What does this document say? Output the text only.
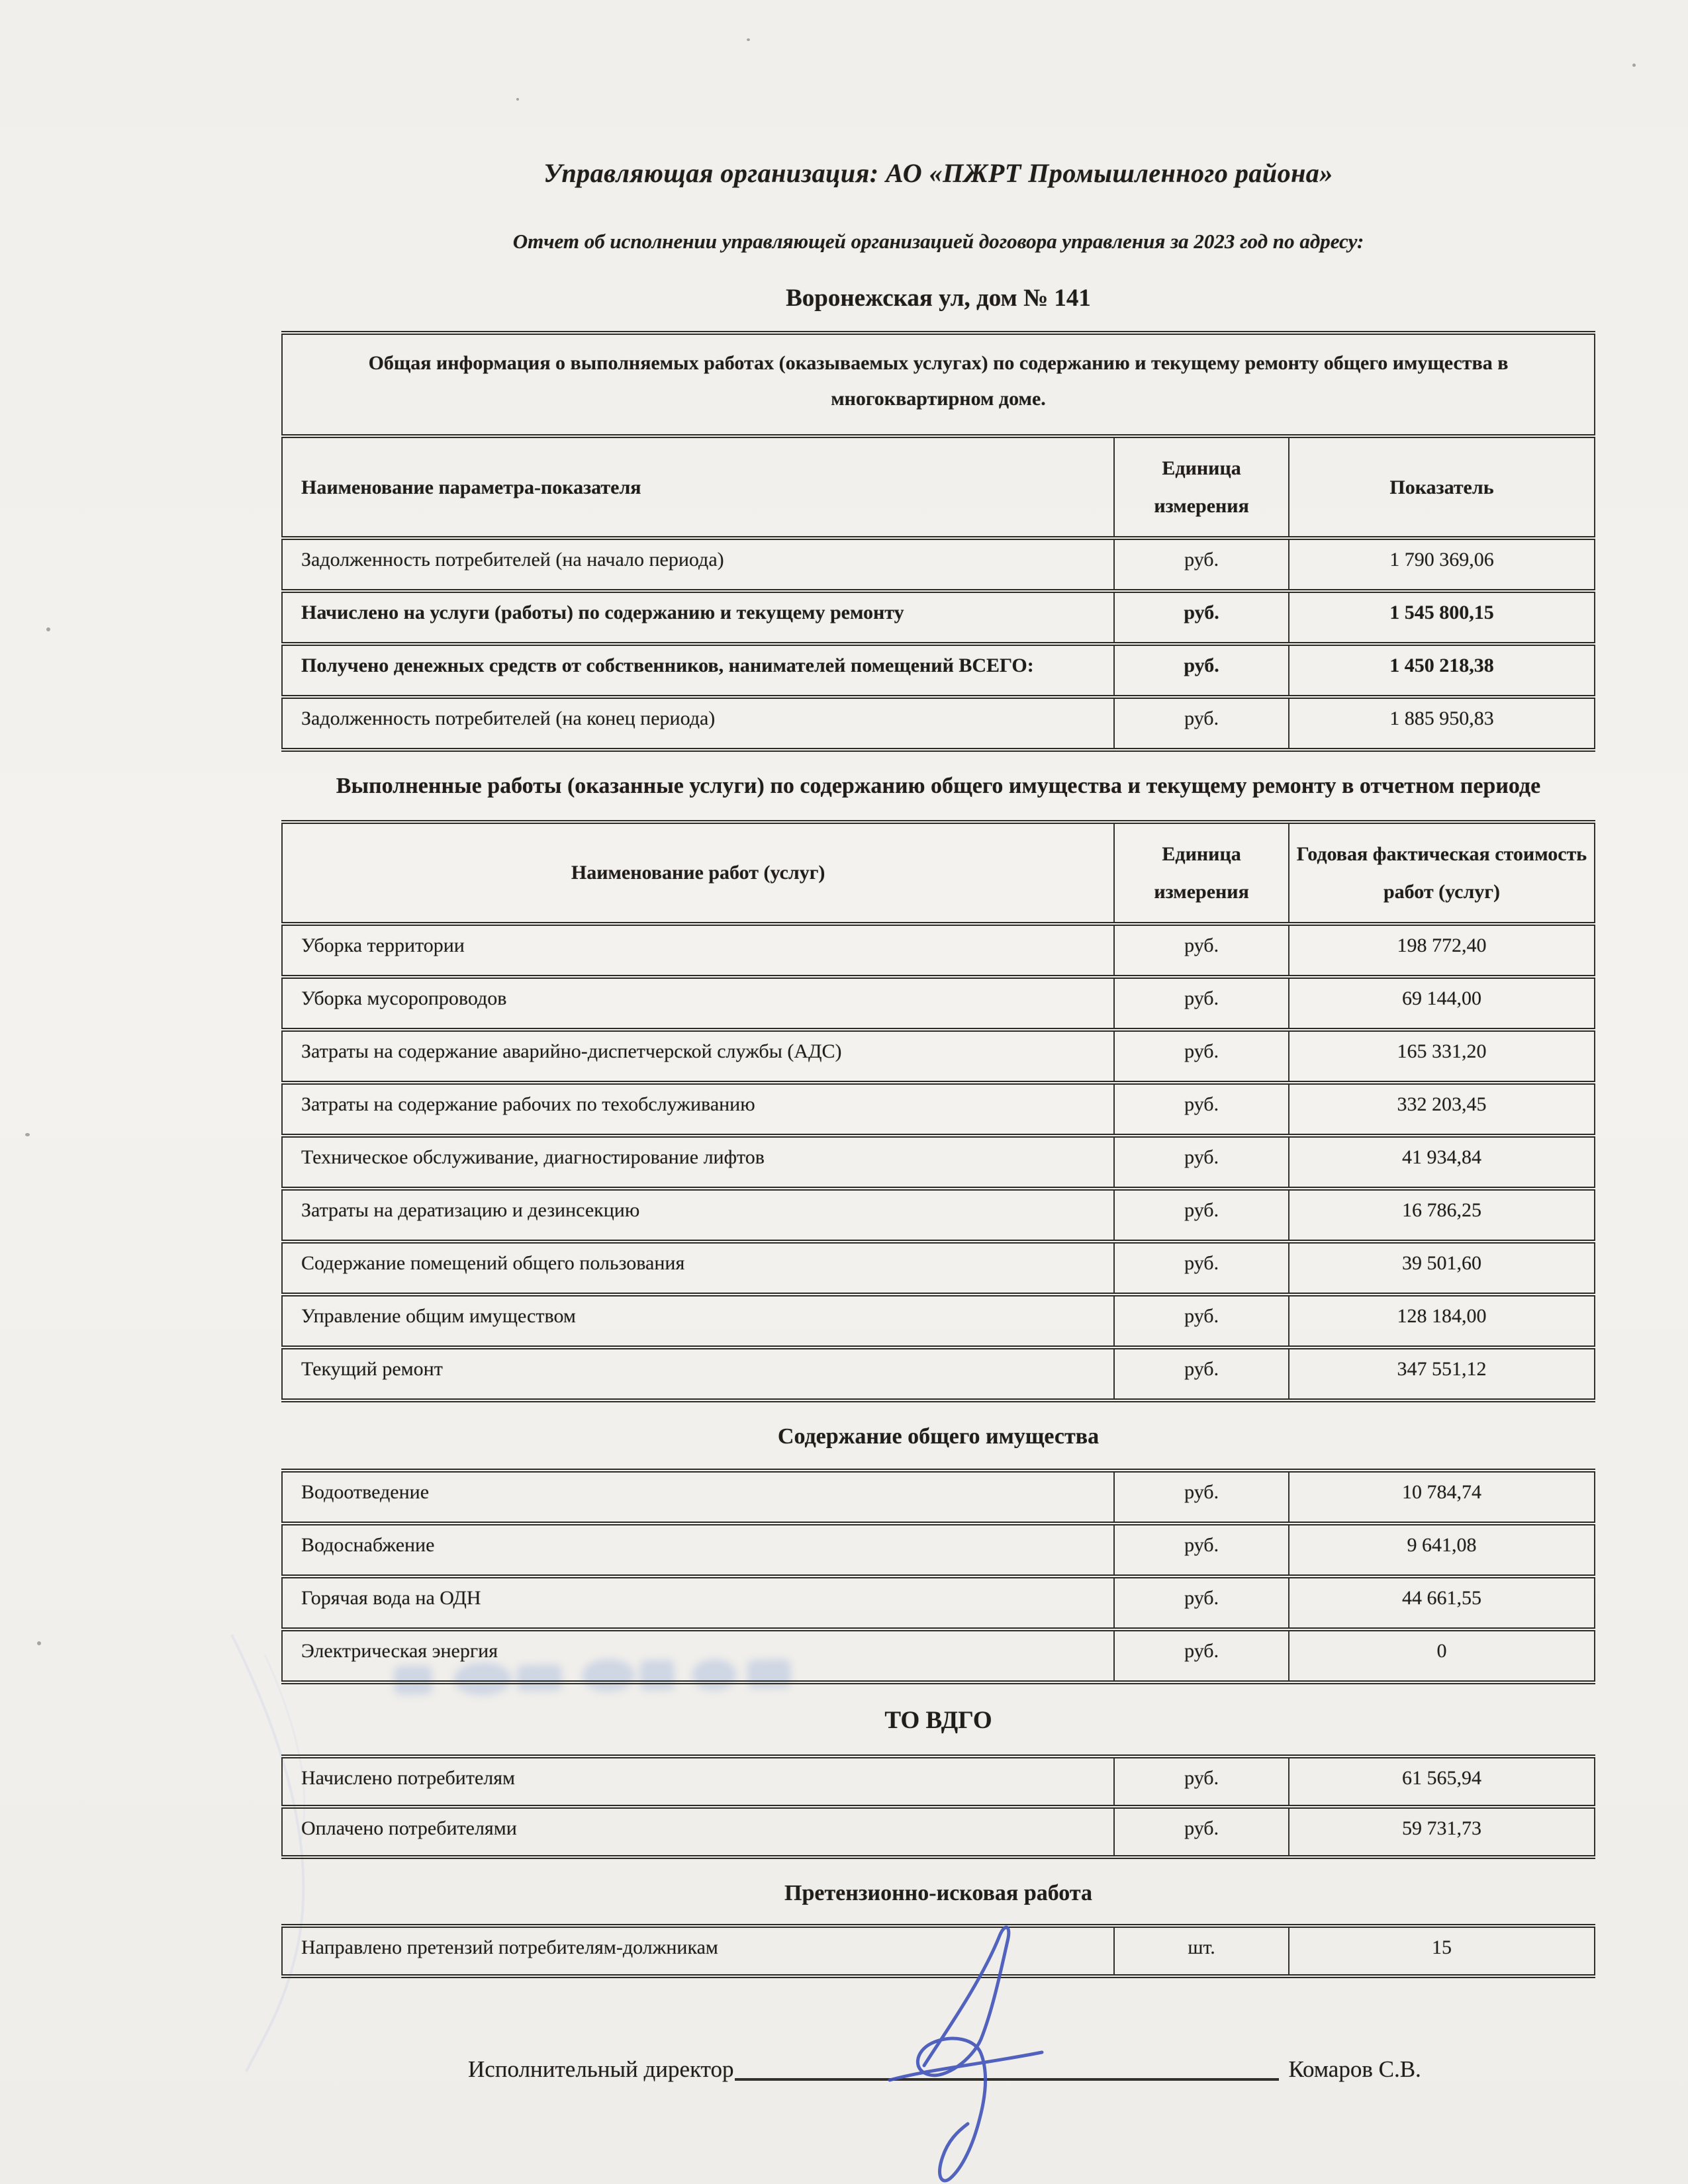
Управляющая организация: АО «ПЖРТ Промышленного района»
Отчет об исполнении управляющей организацией договора управления за 2023 год по адресу:
Воронежская ул, дом № 141
Общая информация о выполняемых работах (оказываемых услугах) по содержанию и текущему ремонту общего имущества в многоквартирном доме.		
Наименование параметра-показателя	Единица измерения	Показатель
Задолженность потребителей (на начало периода)	руб.	1 790 369,06
Начислено на услуги (работы) по содержанию и текущему ремонту	руб.	1 545 800,15
Получено денежных средств от собственников, нанимателей помещений ВСЕГО:	руб.	1 450 218,38
Задолженность потребителей (на конец периода)	руб.	1 885 950,83
Выполненные работы (оказанные услуги) по содержанию общего имущества и текущему ремонту в отчетном периоде
Наименование работ (услуг)	Единица измерения	Годовая фактическая стоимость работ (услуг)
Уборка территории	руб.	198 772,40
Уборка мусоропроводов	руб.	69 144,00
Затраты на содержание аварийно-диспетчерской службы (АДС)	руб.	165 331,20
Затраты на содержание рабочих по техобслуживанию	руб.	332 203,45
Техническое обслуживание, диагностирование лифтов	руб.	41 934,84
Затраты на дератизацию и дезинсекцию	руб.	16 786,25
Содержание помещений общего пользования	руб.	39 501,60
Управление общим имуществом	руб.	128 184,00
Текущий ремонт	руб.	347 551,12
Содержание общего имущества
Водоотведение	руб.	10 784,74
Водоснабжение	руб.	9 641,08
Горячая вода на ОДН	руб.	44 661,55
Электрическая энергия	руб.	0
ТО ВДГО
Начислено потребителям	руб.	61 565,94
Оплачено потребителями	руб.	59 731,73
Претензионно-исковая работа
Направлено претензий потребителям-должникам	шт.	15
Исполнительный директор	Комаров С.В.
